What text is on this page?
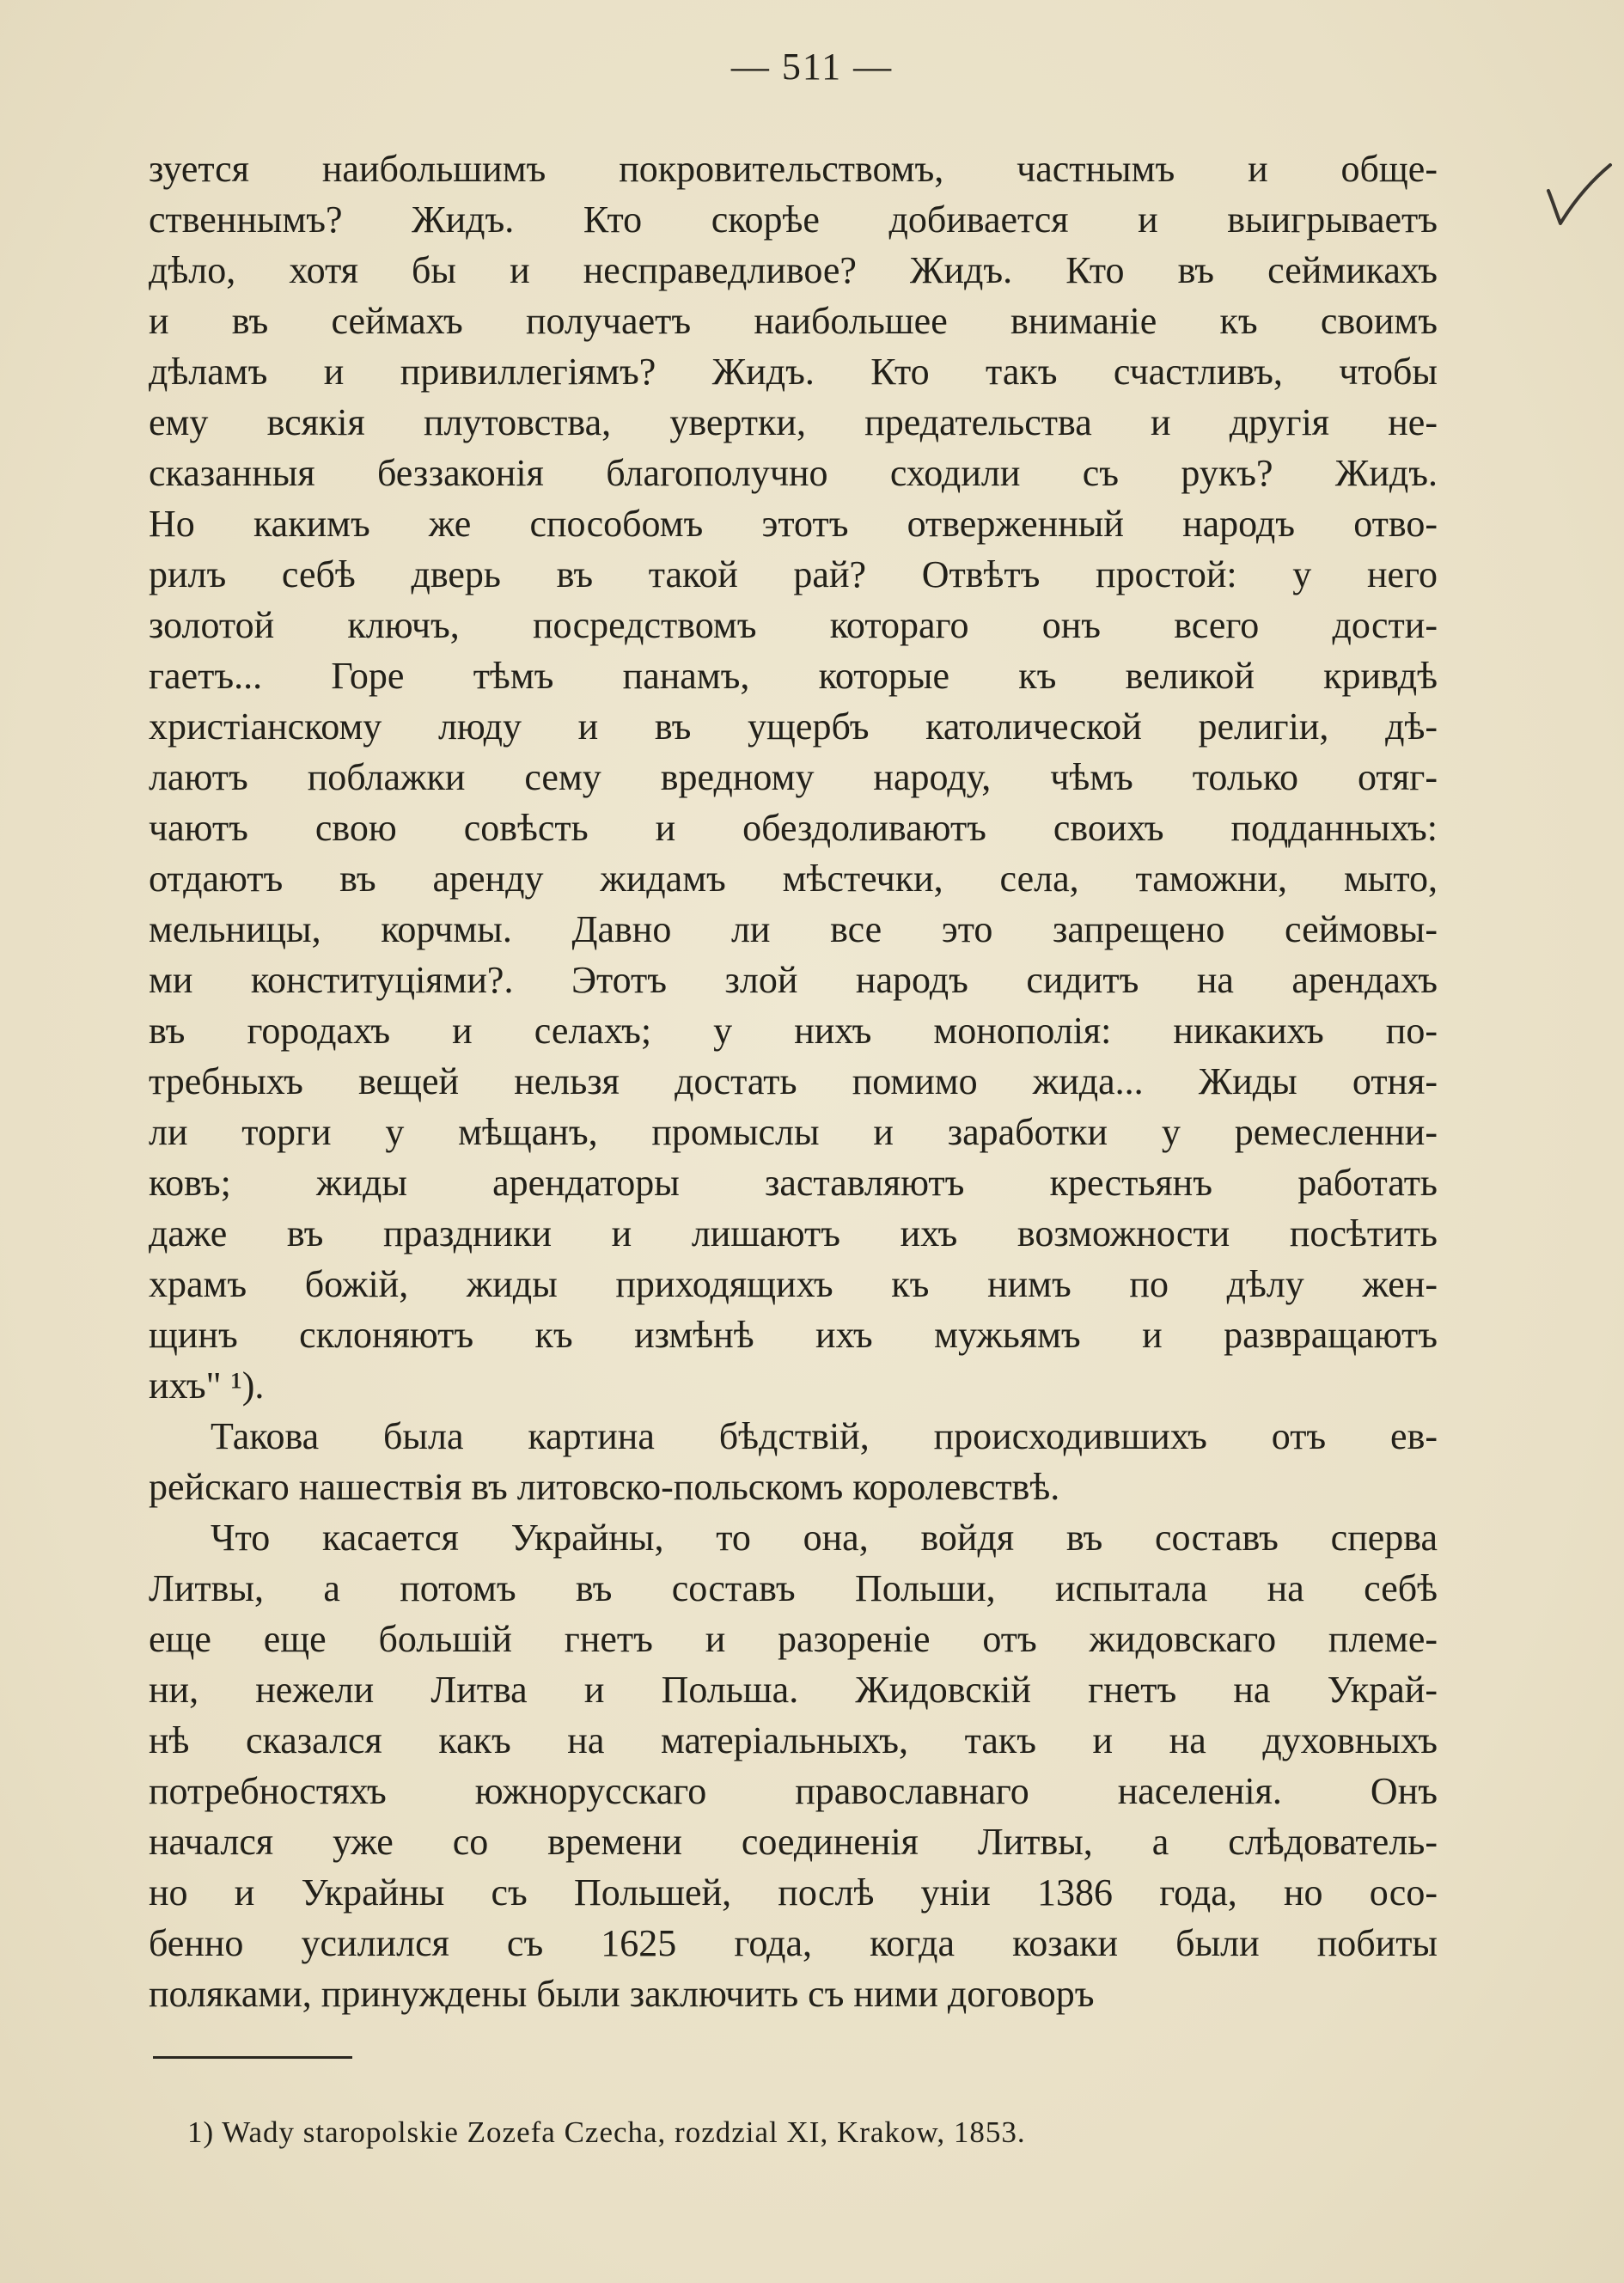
— 511 —
зуется наибольшимъ покровительствомъ, частнымъ и обще-
ственнымъ? Жидъ. Кто скорѣе добивается и выигрываетъ
дѣло, хотя бы и несправедливое? Жидъ. Кто въ сеймикахъ
и въ сеймахъ получаетъ наибольшее вниманіе къ своимъ
дѣламъ и привиллегіямъ? Жидъ. Кто такъ счастливъ, чтобы
ему всякія плутовства, увертки, предательства и другія не-
сказанныя беззаконія благополучно сходили съ рукъ? Жидъ.
Но какимъ же способомъ этотъ отверженный народъ отво-
рилъ себѣ дверь въ такой рай? Отвѣтъ простой: у него
золотой ключъ, посредствомъ котораго онъ всего дости-
гаетъ... Горе тѣмъ панамъ, которые къ великой кривдѣ
христіанскому люду и въ ущербъ католической религіи, дѣ-
лаютъ поблажки сему вредному народу, чѣмъ только отяг-
чаютъ свою совѣсть и обездоливаютъ своихъ подданныхъ:
отдаютъ въ аренду жидамъ мѣстечки, села, таможни, мыто,
мельницы, корчмы. Давно ли все это запрещено сеймовы-
ми конституціями?. Этотъ злой народъ сидитъ на арендахъ
въ городахъ и селахъ; у нихъ монополія: никакихъ по-
требныхъ вещей нельзя достать помимо жида... Жиды отня-
ли торги у мѣщанъ, промыслы и заработки у ремесленни-
ковъ; жиды арендаторы заставляютъ крестьянъ работать
даже въ праздники и лишаютъ ихъ возможности посѣтить
храмъ божій, жиды приходящихъ къ нимъ по дѣлу жен-
щинъ склоняютъ къ измѣнѣ ихъ мужьямъ и развращаютъ
ихъ" ¹).
Такова была картина бѣдствій, происходившихъ отъ ев-
рейскаго нашествія въ литовско-польскомъ королевствѣ.
Что касается Украйны, то она, войдя въ составъ сперва
Литвы, а потомъ въ составъ Польши, испытала на себѣ
еще еще большій гнетъ и разореніе отъ жидовскаго племе-
ни, нежели Литва и Польша. Жидовскій гнетъ на Украй-
нѣ сказался какъ на матеріальныхъ, такъ и на духовныхъ
потребностяхъ южнорусскаго православнаго населенія. Онъ
начался уже со времени соединенія Литвы, а слѣдователь-
но и Украйны съ Польшей, послѣ уніи 1386 года, но осо-
бенно усилился съ 1625 года, когда козаки были побиты
поляками, принуждены были заключить съ ними договоръ
1) Wady staropolskie Zozefa Czecha, rozdzial XI, Krakow, 1853.
